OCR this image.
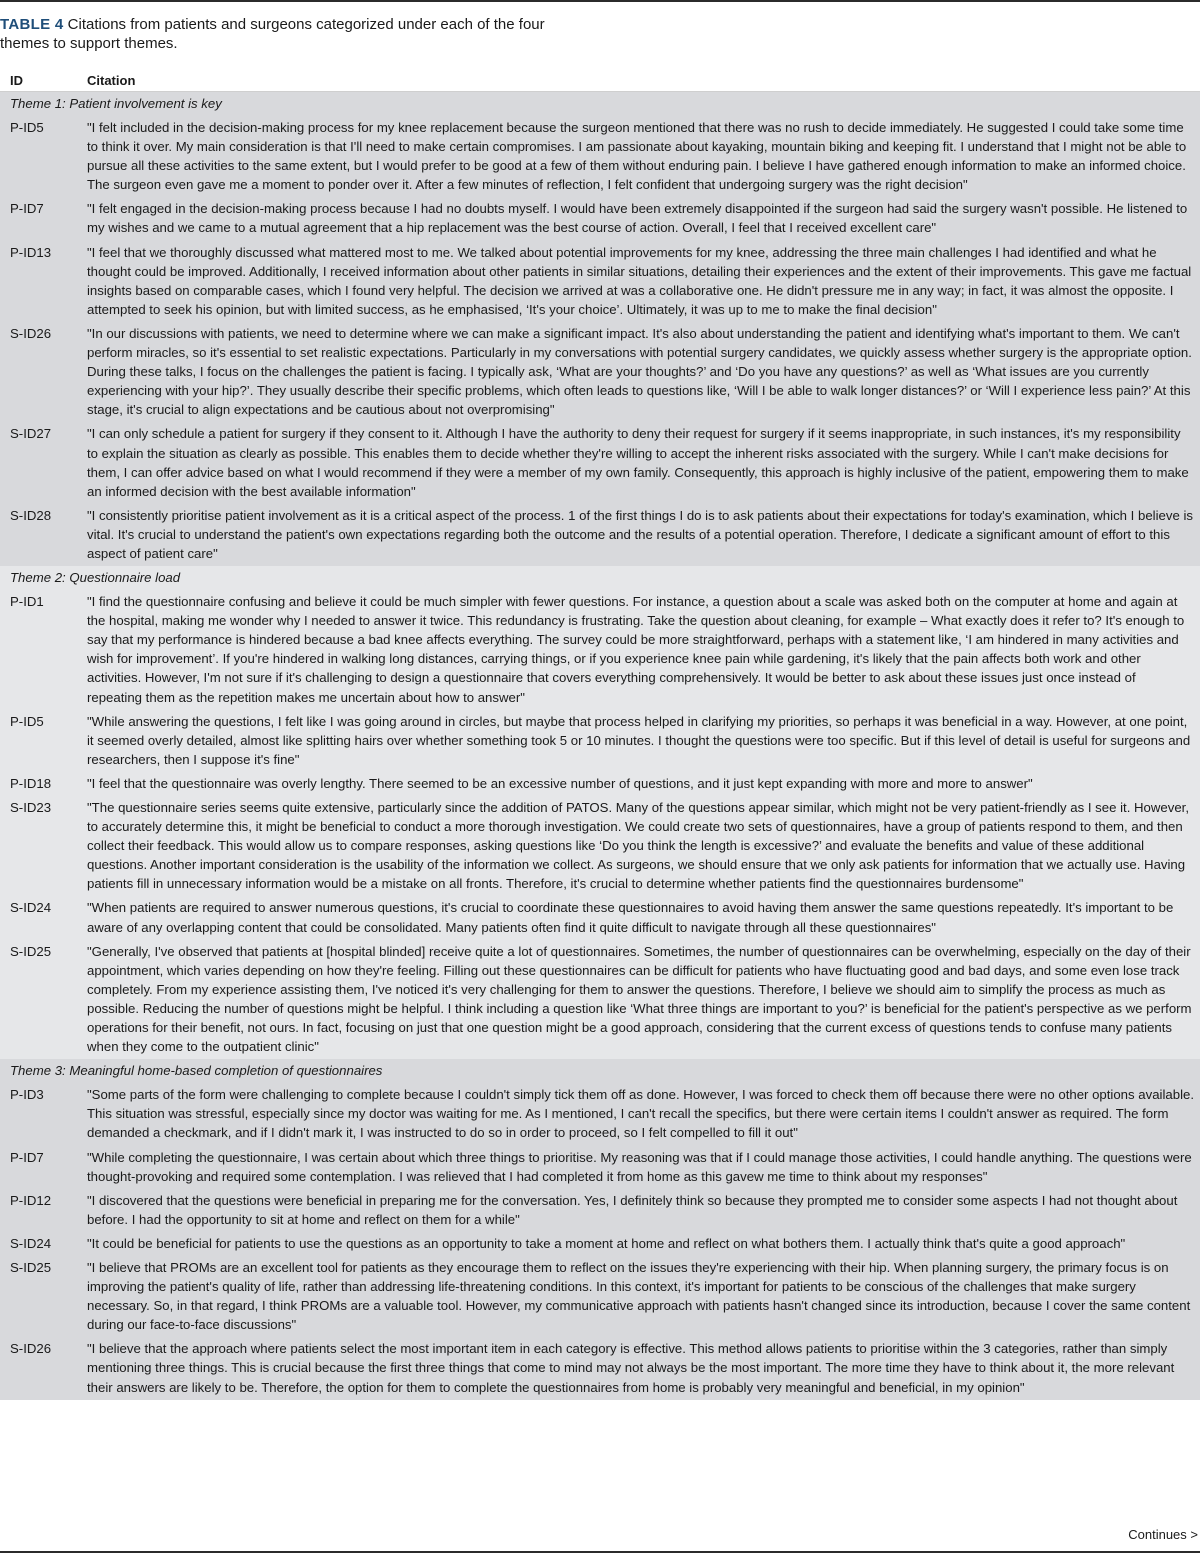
TABLE 4 Citations from patients and surgeons categorized under each of the four themes to support themes.
ID	Citation
Theme 1: Patient involvement is key
P-ID5	"I felt included in the decision-making process for my knee replacement because the surgeon mentioned that there was no rush to decide immediately. He suggested I could take some time to think it over. My main consideration is that I'll need to make certain compromises. I am passionate about kayaking, mountain biking and keeping fit. I understand that I might not be able to pursue all these activities to the same extent, but I would prefer to be good at a few of them without enduring pain. I believe I have gathered enough information to make an informed choice. The surgeon even gave me a moment to ponder over it. After a few minutes of reflection, I felt confident that undergoing surgery was the right decision"
P-ID7	"I felt engaged in the decision-making process because I had no doubts myself. I would have been extremely disappointed if the surgeon had said the surgery wasn't possible. He listened to my wishes and we came to a mutual agreement that a hip replacement was the best course of action. Overall, I feel that I received excellent care"
P-ID13	"I feel that we thoroughly discussed what mattered most to me. We talked about potential improvements for my knee, addressing the three main challenges I had identified and what he thought could be improved. Additionally, I received information about other patients in similar situations, detailing their experiences and the extent of their improvements. This gave me factual insights based on comparable cases, which I found very helpful. The decision we arrived at was a collaborative one. He didn't pressure me in any way; in fact, it was almost the opposite. I attempted to seek his opinion, but with limited success, as he emphasised, ‘It's your choice’. Ultimately, it was up to me to make the final decision"
S-ID26	"In our discussions with patients, we need to determine where we can make a significant impact. It's also about understanding the patient and identifying what's important to them. We can't perform miracles, so it's essential to set realistic expectations. Particularly in my conversations with potential surgery candidates, we quickly assess whether surgery is the appropriate option. During these talks, I focus on the challenges the patient is facing. I typically ask, ‘What are your thoughts?’ and ‘Do you have any questions?’ as well as ‘What issues are you currently experiencing with your hip?’. They usually describe their specific problems, which often leads to questions like, ‘Will I be able to walk longer distances?’ or ‘Will I experience less pain?’ At this stage, it's crucial to align expectations and be cautious about not overpromising"
S-ID27	"I can only schedule a patient for surgery if they consent to it. Although I have the authority to deny their request for surgery if it seems inappropriate, in such instances, it's my responsibility to explain the situation as clearly as possible. This enables them to decide whether they're willing to accept the inherent risks associated with the surgery. While I can't make decisions for them, I can offer advice based on what I would recommend if they were a member of my own family. Consequently, this approach is highly inclusive of the patient, empowering them to make an informed decision with the best available information"
S-ID28	"I consistently prioritise patient involvement as it is a critical aspect of the process. 1 of the first things I do is to ask patients about their expectations for today's examination, which I believe is vital. It's crucial to understand the patient's own expectations regarding both the outcome and the results of a potential operation. Therefore, I dedicate a significant amount of effort to this aspect of patient care"
Theme 2: Questionnaire load
P-ID1	"I find the questionnaire confusing and believe it could be much simpler with fewer questions. For instance, a question about a scale was asked both on the computer at home and again at the hospital, making me wonder why I needed to answer it twice. This redundancy is frustrating. Take the question about cleaning, for example – What exactly does it refer to? It's enough to say that my performance is hindered because a bad knee affects everything. The survey could be more straightforward, perhaps with a statement like, ‘I am hindered in many activities and wish for improvement’. If you're hindered in walking long distances, carrying things, or if you experience knee pain while gardening, it's likely that the pain affects both work and other activities. However, I'm not sure if it's challenging to design a questionnaire that covers everything comprehensively. It would be better to ask about these issues just once instead of repeating them as the repetition makes me uncertain about how to answer"
P-ID5	"While answering the questions, I felt like I was going around in circles, but maybe that process helped in clarifying my priorities, so perhaps it was beneficial in a way. However, at one point, it seemed overly detailed, almost like splitting hairs over whether something took 5 or 10 minutes. I thought the questions were too specific. But if this level of detail is useful for surgeons and researchers, then I suppose it's fine"
P-ID18	"I feel that the questionnaire was overly lengthy. There seemed to be an excessive number of questions, and it just kept expanding with more and more to answer"
S-ID23	"The questionnaire series seems quite extensive, particularly since the addition of PATOS. Many of the questions appear similar, which might not be very patient-friendly as I see it. However, to accurately determine this, it might be beneficial to conduct a more thorough investigation. We could create two sets of questionnaires, have a group of patients respond to them, and then collect their feedback. This would allow us to compare responses, asking questions like ‘Do you think the length is excessive?’ and evaluate the benefits and value of these additional questions. Another important consideration is the usability of the information we collect. As surgeons, we should ensure that we only ask patients for information that we actually use. Having patients fill in unnecessary information would be a mistake on all fronts. Therefore, it's crucial to determine whether patients find the questionnaires burdensome"
S-ID24	"When patients are required to answer numerous questions, it's crucial to coordinate these questionnaires to avoid having them answer the same questions repeatedly. It's important to be aware of any overlapping content that could be consolidated. Many patients often find it quite difficult to navigate through all these questionnaires"
S-ID25	"Generally, I've observed that patients at [hospital blinded] receive quite a lot of questionnaires. Sometimes, the number of questionnaires can be overwhelming, especially on the day of their appointment, which varies depending on how they're feeling. Filling out these questionnaires can be difficult for patients who have fluctuating good and bad days, and some even lose track completely. From my experience assisting them, I've noticed it's very challenging for them to answer the questions. Therefore, I believe we should aim to simplify the process as much as possible. Reducing the number of questions might be helpful. I think including a question like ‘What three things are important to you?’ is beneficial for the patient's perspective as we perform operations for their benefit, not ours. In fact, focusing on just that one question might be a good approach, considering that the current excess of questions tends to confuse many patients when they come to the outpatient clinic"
Theme 3: Meaningful home-based completion of questionnaires
P-ID3	"Some parts of the form were challenging to complete because I couldn't simply tick them off as done. However, I was forced to check them off because there were no other options available. This situation was stressful, especially since my doctor was waiting for me. As I mentioned, I can't recall the specifics, but there were certain items I couldn't answer as required. The form demanded a checkmark, and if I didn't mark it, I was instructed to do so in order to proceed, so I felt compelled to fill it out"
P-ID7	"While completing the questionnaire, I was certain about which three things to prioritise. My reasoning was that if I could manage those activities, I could handle anything. The questions were thought-provoking and required some contemplation. I was relieved that I had completed it from home as this gavew me time to think about my responses"
P-ID12	"I discovered that the questions were beneficial in preparing me for the conversation. Yes, I definitely think so because they prompted me to consider some aspects I had not thought about before. I had the opportunity to sit at home and reflect on them for a while"
S-ID24	"It could be beneficial for patients to use the questions as an opportunity to take a moment at home and reflect on what bothers them. I actually think that's quite a good approach"
S-ID25	"I believe that PROMs are an excellent tool for patients as they encourage them to reflect on the issues they're experiencing with their hip. When planning surgery, the primary focus is on improving the patient's quality of life, rather than addressing life-threatening conditions. In this context, it's important for patients to be conscious of the challenges that make surgery necessary. So, in that regard, I think PROMs are a valuable tool. However, my communicative approach with patients hasn't changed since its introduction, because I cover the same content during our face-to-face discussions"
S-ID26	"I believe that the approach where patients select the most important item in each category is effective. This method allows patients to prioritise within the 3 categories, rather than simply mentioning three things. This is crucial because the first three things that come to mind may not always be the most important. The more time they have to think about it, the more relevant their answers are likely to be. Therefore, the option for them to complete the questionnaires from home is probably very meaningful and beneficial, in my opinion"
Continues >
